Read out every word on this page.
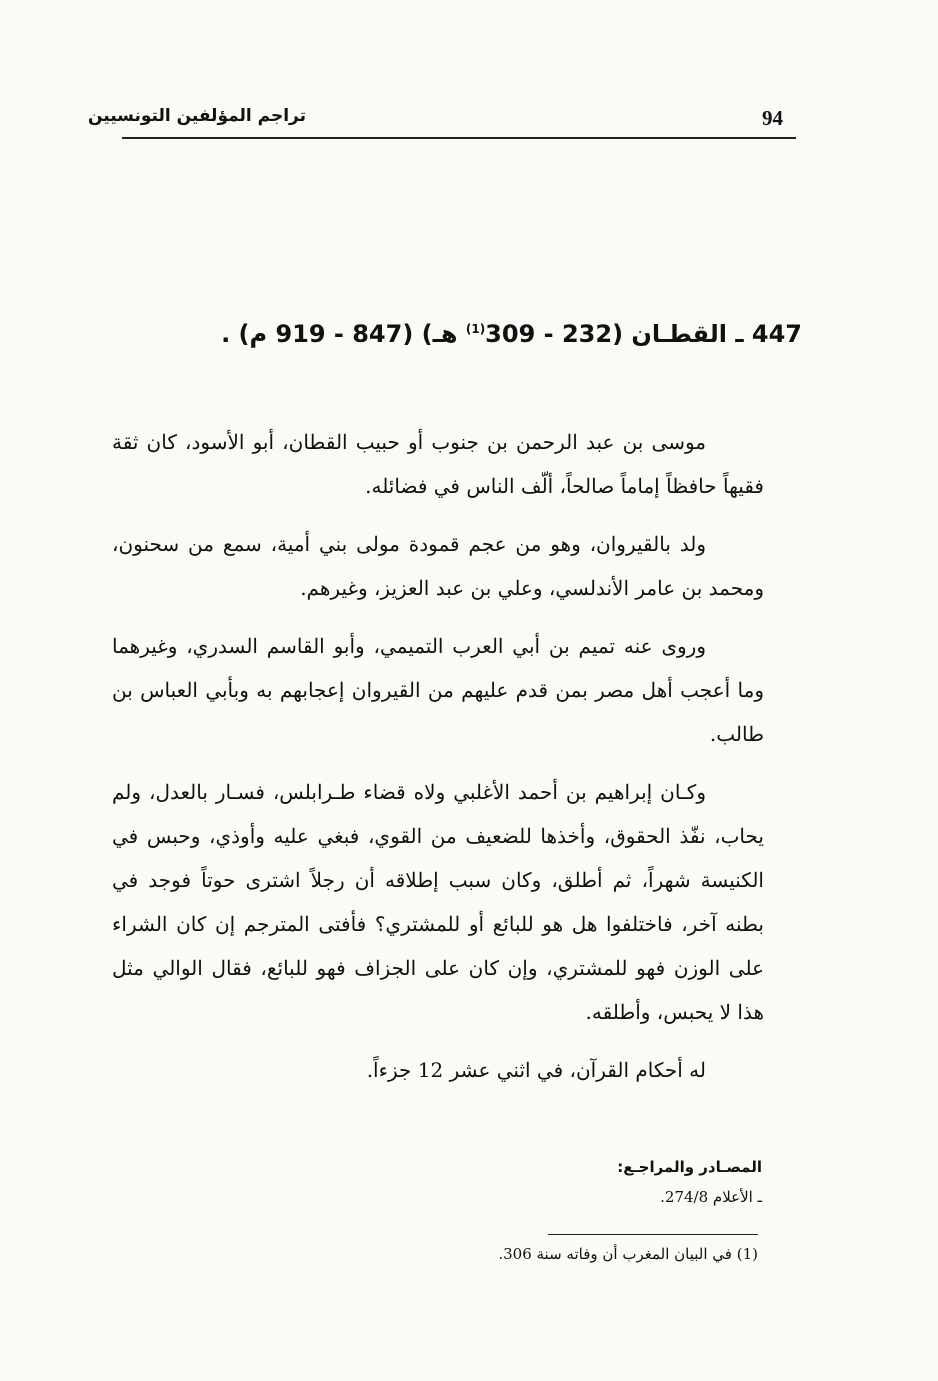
94
تراجم المؤلفين التونسيين
447 ـ القطـان (232 - 309$^{(1)}$ هـ) (847 - 919 م) .

موسى بن عبد الرحمن بن جنوب أو حبيب القطان، أبو الأسود، كان ثقة فقيهاً حافظاً إماماً صالحاً، ألّف الناس في فضائله.

ولد بالقيروان، وهو من عجم قمودة مولى بني أمية، سمع من سحنون، ومحمد بن عامر الأندلسي، وعلي بن عبد العزيز، وغيرهم.

وروى عنه تميم بن أبي العرب التميمي، وأبو القاسم السدري، وغيرهما وما أعجب أهل مصر بمن قدم عليهم من القيروان إعجابهم به وبأبي العباس بن طالب.

وكـان إبراهيم بن أحمد الأغلبي ولاه قضاء طـرابلس، فسـار بالعدل، ولم يحاب، نفّذ الحقوق، وأخذها للضعيف من القوي، فبغي عليه وأوذي، وحبس في الكنيسة شهراً، ثم أطلق، وكان سبب إطلاقه أن رجلاً اشترى حوتاً فوجد في بطنه آخر، فاختلفوا هل هو للبائع أو للمشتري؟ فأفتى المترجم إن كان الشراء على الوزن فهو للمشتري، وإن كان على الجزاف فهو للبائع، فقال الوالي مثل هذا لا يحبس، وأطلقه.

له أحكام القرآن، في اثني عشر 12 جزءاً.

المصـادر والمراجـع:
ـ الأعلام 274/8.
(1) في البيان المغرب أن وفاته سنة 306.
